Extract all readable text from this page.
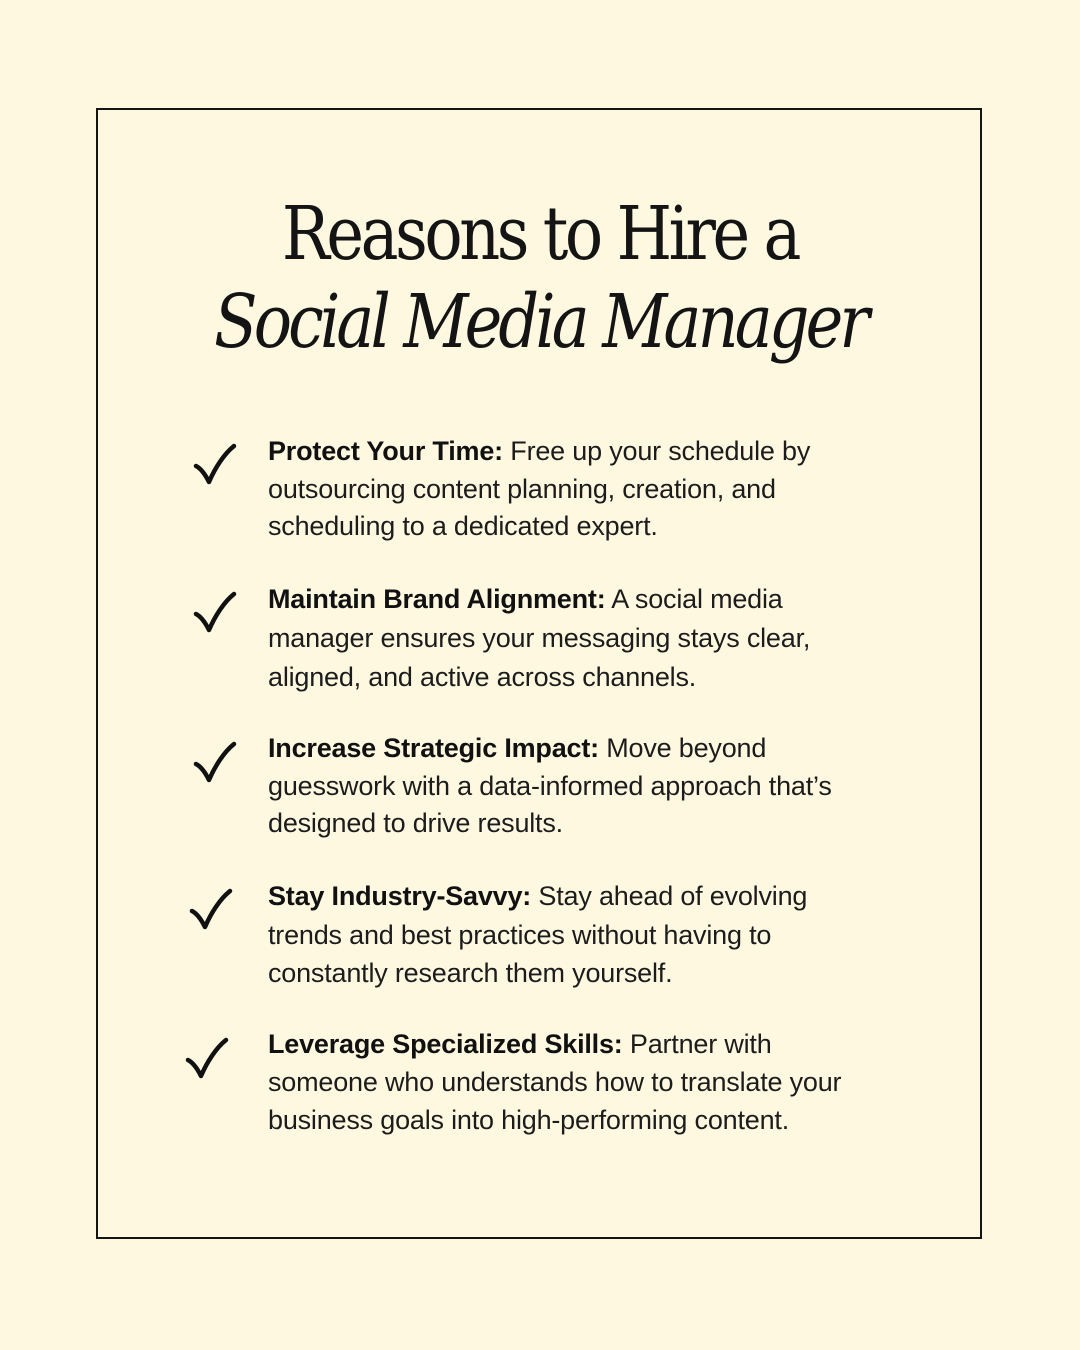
Reasons to Hire a
Social Media Manager

Protect Your Time: Free up your schedule by outsourcing content planning, creation, and scheduling to a dedicated expert.

Maintain Brand Alignment: A social media manager ensures your messaging stays clear, aligned, and active across channels.

Increase Strategic Impact: Move beyond guesswork with a data-informed approach that’s designed to drive results.

Stay Industry-Savvy: Stay ahead of evolving trends and best practices without having to constantly research them yourself.

Leverage Specialized Skills: Partner with someone who understands how to translate your business goals into high-performing content.
